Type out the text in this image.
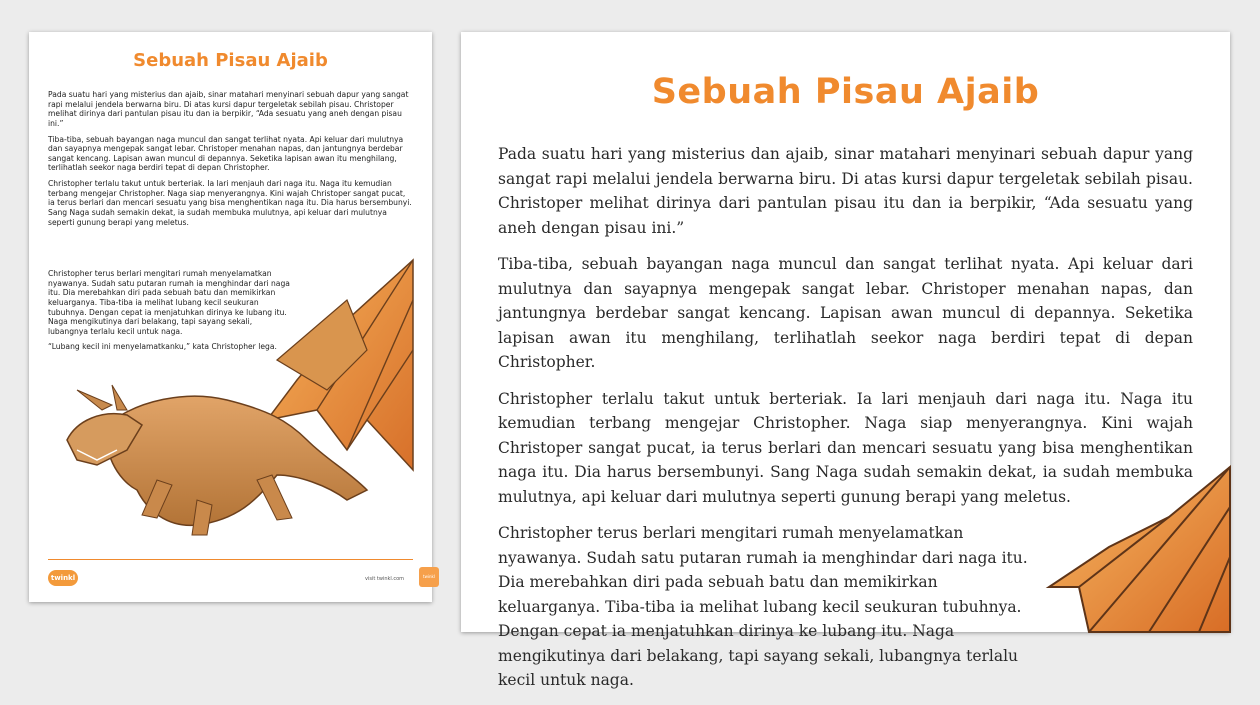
Sebuah Pisau Ajaib

Pada suatu hari yang misterius dan ajaib, sinar matahari menyinari sebuah dapur yang sangat rapi melalui jendela berwarna biru. Di atas kursi dapur tergeletak sebilah pisau. Christoper melihat dirinya dari pantulan pisau itu dan ia berpikir, “Ada sesuatu yang aneh dengan pisau ini.”

Tiba-tiba, sebuah bayangan naga muncul dan sangat terlihat nyata. Api keluar dari mulutnya dan sayapnya mengepak sangat lebar. Christoper menahan napas, dan jantungnya berdebar sangat kencang. Lapisan awan muncul di depannya. Seketika lapisan awan itu menghilang, terlihatlah seekor naga berdiri tepat di depan Christopher.

Christopher terlalu takut untuk berteriak. Ia lari menjauh dari naga itu. Naga itu kemudian terbang mengejar Christopher. Naga siap menyerangnya. Kini wajah Christoper sangat pucat, ia terus berlari dan mencari sesuatu yang bisa menghentikan naga itu. Dia harus bersembunyi. Sang Naga sudah semakin dekat, ia sudah membuka mulutnya, api keluar dari mulutnya seperti gunung berapi yang meletus.

Christopher terus berlari mengitari rumah menyelamatkan nyawanya. Sudah satu putaran rumah ia menghindar dari naga itu. Dia merebahkan diri pada sebuah batu dan memikirkan keluarganya. Tiba-tiba ia melihat lubang kecil seukuran tubuhnya. Dengan cepat ia menjatuhkan dirinya ke lubang itu. Naga mengikutinya dari belakang, tapi sayang sekali, lubangnya terlalu kecil untuk naga.

“Lubang kecil ini menyelamatkanku,” kata Christopher lega.

twinkl	visit twinkl.com	twinkl
Sebuah Pisau Ajaib

Pada suatu hari yang misterius dan ajaib, sinar matahari menyinari sebuah dapur yang sangat rapi melalui jendela berwarna biru. Di atas kursi dapur tergeletak sebilah pisau. Christoper melihat dirinya dari pantulan pisau itu dan ia berpikir, “Ada sesuatu yang aneh dengan pisau ini.”

Tiba-tiba, sebuah bayangan naga muncul dan sangat terlihat nyata. Api keluar dari mulutnya dan sayapnya mengepak sangat lebar. Christoper menahan napas, dan jantungnya berdebar sangat kencang. Lapisan awan muncul di depannya. Seketika lapisan awan itu menghilang, terlihatlah seekor naga berdiri tepat di depan Christopher.

Christopher terlalu takut untuk berteriak. Ia lari menjauh dari naga itu. Naga itu kemudian terbang mengejar Christopher. Naga siap menyerangnya. Kini wajah Christoper sangat pucat, ia terus berlari dan mencari sesuatu yang bisa menghentikan naga itu. Dia harus bersembunyi. Sang Naga sudah semakin dekat, ia sudah membuka mulutnya, api keluar dari mulutnya seperti gunung berapi yang meletus.

Christopher terus berlari mengitari rumah menyelamatkan nyawanya. Sudah satu putaran rumah ia menghindar dari naga itu. Dia merebahkan diri pada sebuah batu dan memikirkan keluarganya. Tiba-tiba ia melihat lubang kecil seukuran tubuhnya. Dengan cepat ia menjatuhkan dirinya ke lubang itu. Naga mengikutinya dari belakang, tapi sayang sekali, lubangnya terlalu kecil untuk naga.
